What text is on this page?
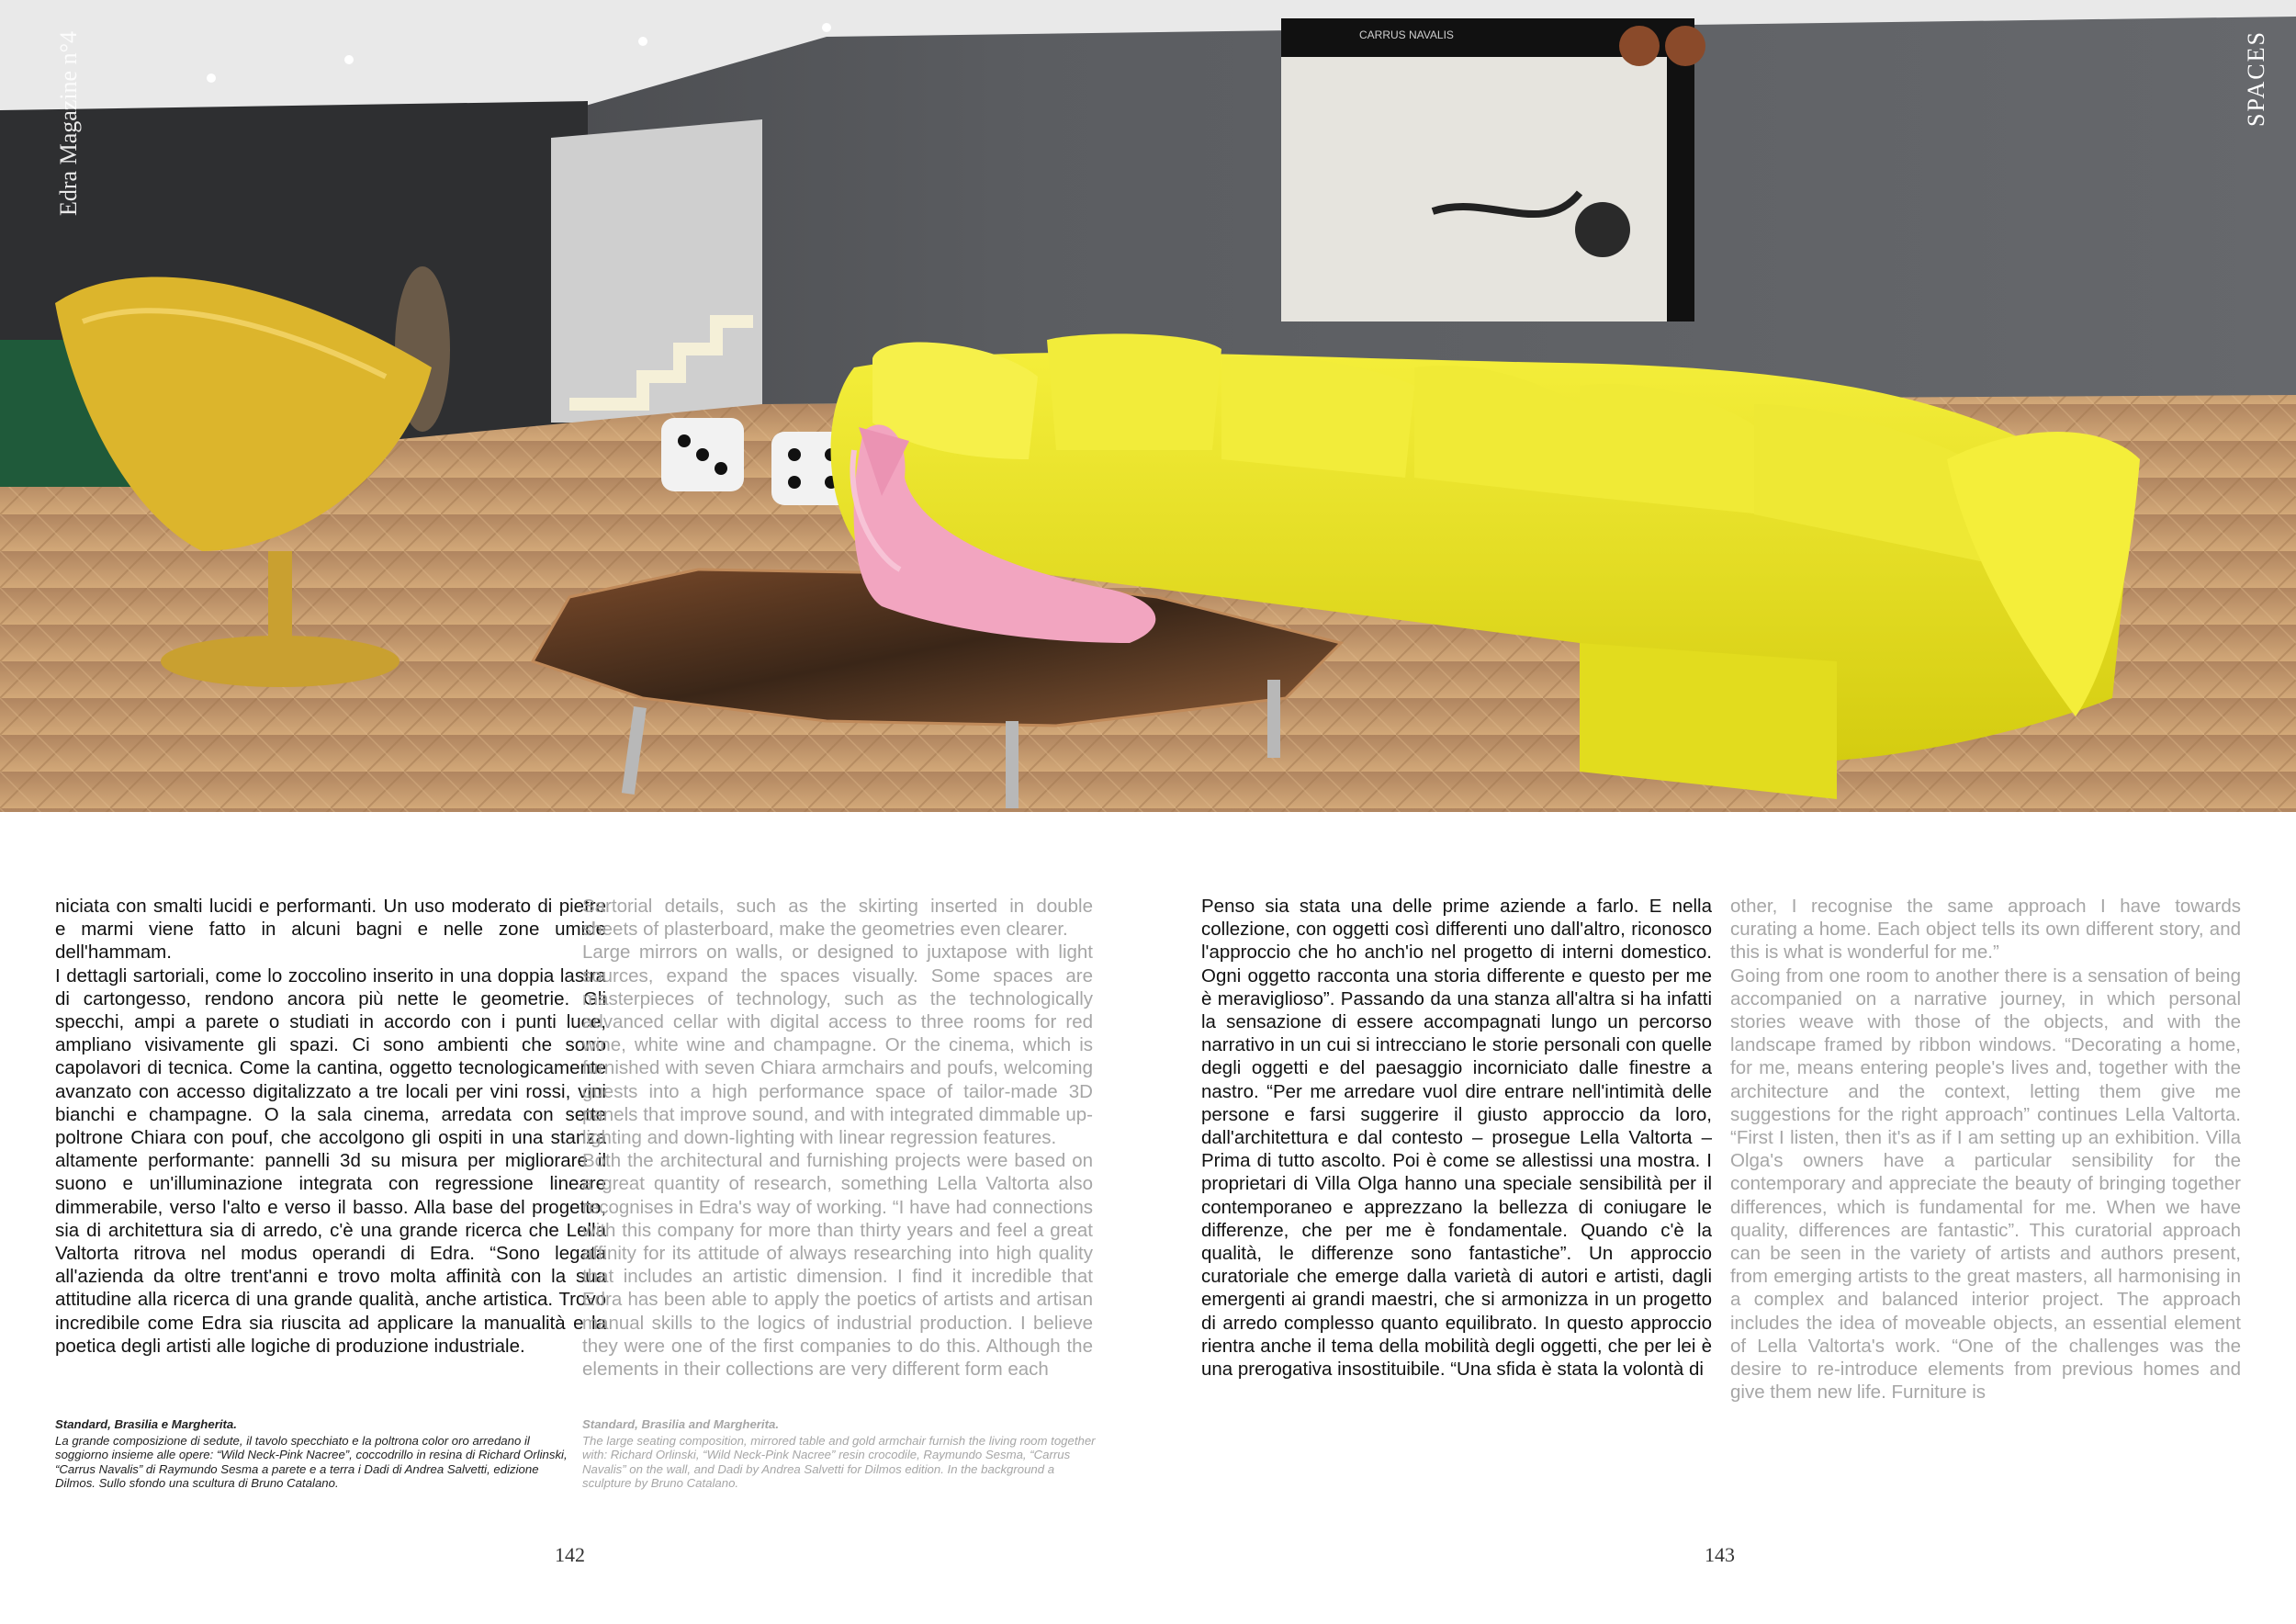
CARRUS NAVALIS
Edra Magazine n°4	SPACES

niciata con smalti lucidi e performanti. Un uso moderato di pietre e marmi viene fatto in alcuni bagni e nelle zone umide dell'hammam.

I dettagli sartoriali, come lo zoccolino inserito in una doppia lastra di cartongesso, rendono ancora più nette le geometrie. Gli specchi, ampi a parete o studiati in accordo con i punti luce, ampliano visivamente gli spazi. Ci sono ambienti che sono capolavori di tecnica. Come la cantina, oggetto tecnologicamente avanzato con accesso digitalizzato a tre locali per vini rossi, vini bianchi e champagne. O la sala cinema, arredata con sette poltrone Chiara con pouf, che accolgono gli ospiti in una stanza altamente performante: pannelli 3d su misura per migliorare il suono e un'illuminazione integrata con regressione lineare dimmerabile, verso l'alto e verso il basso. Alla base del progetto, sia di architettura sia di arredo, c'è una grande ricerca che Lella Valtorta ritrova nel modus operandi di Edra. “Sono legata all'azienda da oltre trent'anni e trovo molta affinità con la sua attitudine alla ricerca di una grande qualità, anche artistica. Trovo incredibile come Edra sia riuscita ad applicare la manualità e la poetica degli artisti alle logiche di produzione industriale.

Sartorial details, such as the skirting inserted in double sheets of plasterboard, make the geometries even clearer.

Large mirrors on walls, or designed to juxtapose with light sources, expand the spaces visually. Some spaces are masterpieces of technology, such as the technologically advanced cellar with digital access to three rooms for red wine, white wine and champagne. Or the cinema, which is furnished with seven Chiara armchairs and poufs, welcoming guests into a high performance space of tailor-made 3D panels that improve sound, and with integrated dimmable up-lighting and down-lighting with linear regression features.

Both the architectural and furnishing projects were based on a great quantity of research, something Lella Valtorta also recognises in Edra's way of working. “I have had connections with this company for more than thirty years and feel a great affinity for its attitude of always researching into high quality that includes an artistic dimension. I find it incredible that Edra has been able to apply the poetics of artists and artisan manual skills to the logics of industrial production. I believe they were one of the first companies to do this. Although the elements in their collections are very different form each

Penso sia stata una delle prime aziende a farlo. E nella collezione, con oggetti così differenti uno dall'altro, riconosco l'approccio che ho anch'io nel progetto di interni domestico. Ogni oggetto racconta una storia differente e questo per me è meraviglioso”. Passando da una stanza all'altra si ha infatti la sensazione di essere accompagnati lungo un percorso narrativo in un cui si intrecciano le storie personali con quelle degli oggetti e del paesaggio incorniciato dalle finestre a nastro. “Per me arredare vuol dire entrare nell'intimità delle persone e farsi suggerire il giusto approccio da loro, dall'architettura e dal contesto – prosegue Lella Valtorta – Prima di tutto ascolto. Poi è come se allestissi una mostra. I proprietari di Villa Olga hanno una speciale sensibilità per il contemporaneo e apprezzano la bellezza di coniugare le differenze, che per me è fondamentale. Quando c'è la qualità, le differenze sono fantastiche”. Un approccio curatoriale che emerge dalla varietà di autori e artisti, dagli emergenti ai grandi maestri, che si armonizza in un progetto di arredo complesso quanto equilibrato. In questo approccio rientra anche il tema della mobilità degli oggetti, che per lei è una prerogativa insostituibile. “Una sfida è stata la volontà di

other, I recognise the same approach I have towards curating a home. Each object tells its own different story, and this is what is wonderful for me.”

Going from one room to another there is a sensation of being accompanied on a narrative journey, in which personal stories weave with those of the objects, and with the landscape framed by ribbon windows. “Decorating a home, for me, means entering people's lives and, together with the architecture and the context, letting them give me suggestions for the right approach” continues Lella Valtorta. “First I listen, then it's as if I am setting up an exhibition. Villa Olga's owners have a particular sensibility for the contemporary and appreciate the beauty of bringing together differences, which is fundamental for me. When we have quality, differences are fantastic”. This curatorial approach can be seen in the variety of artists and authors present, from emerging artists to the great masters, all harmonising in a complex and balanced interior project. The approach includes the idea of moveable objects, an essential element of Lella Valtorta's work. “One of the challenges was the desire to re-introduce elements from previous homes and give them new life. Furniture is

Standard, Brasilia e Margherita.
La grande composizione di sedute, il tavolo specchiato e la poltrona color oro arredano il soggiorno insieme alle opere: “Wild Neck-Pink Nacree”, coccodrillo in resina di Richard Orlinski, “Carrus Navalis” di Raymundo Sesma a parete e a terra i Dadi di Andrea Salvetti, edizione Dilmos. Sullo sfondo una scultura di Bruno Catalano.
Standard, Brasilia and Margherita.
The large seating composition, mirrored table and gold armchair furnish the living room together with: Richard Orlinski, “Wild Neck-Pink Nacree” resin crocodile, Raymundo Sesma, “Carrus Navalis” on the wall, and Dadi by Andrea Salvetti for Dilmos edition. In the background a sculpture by Bruno Catalano.
142	143
